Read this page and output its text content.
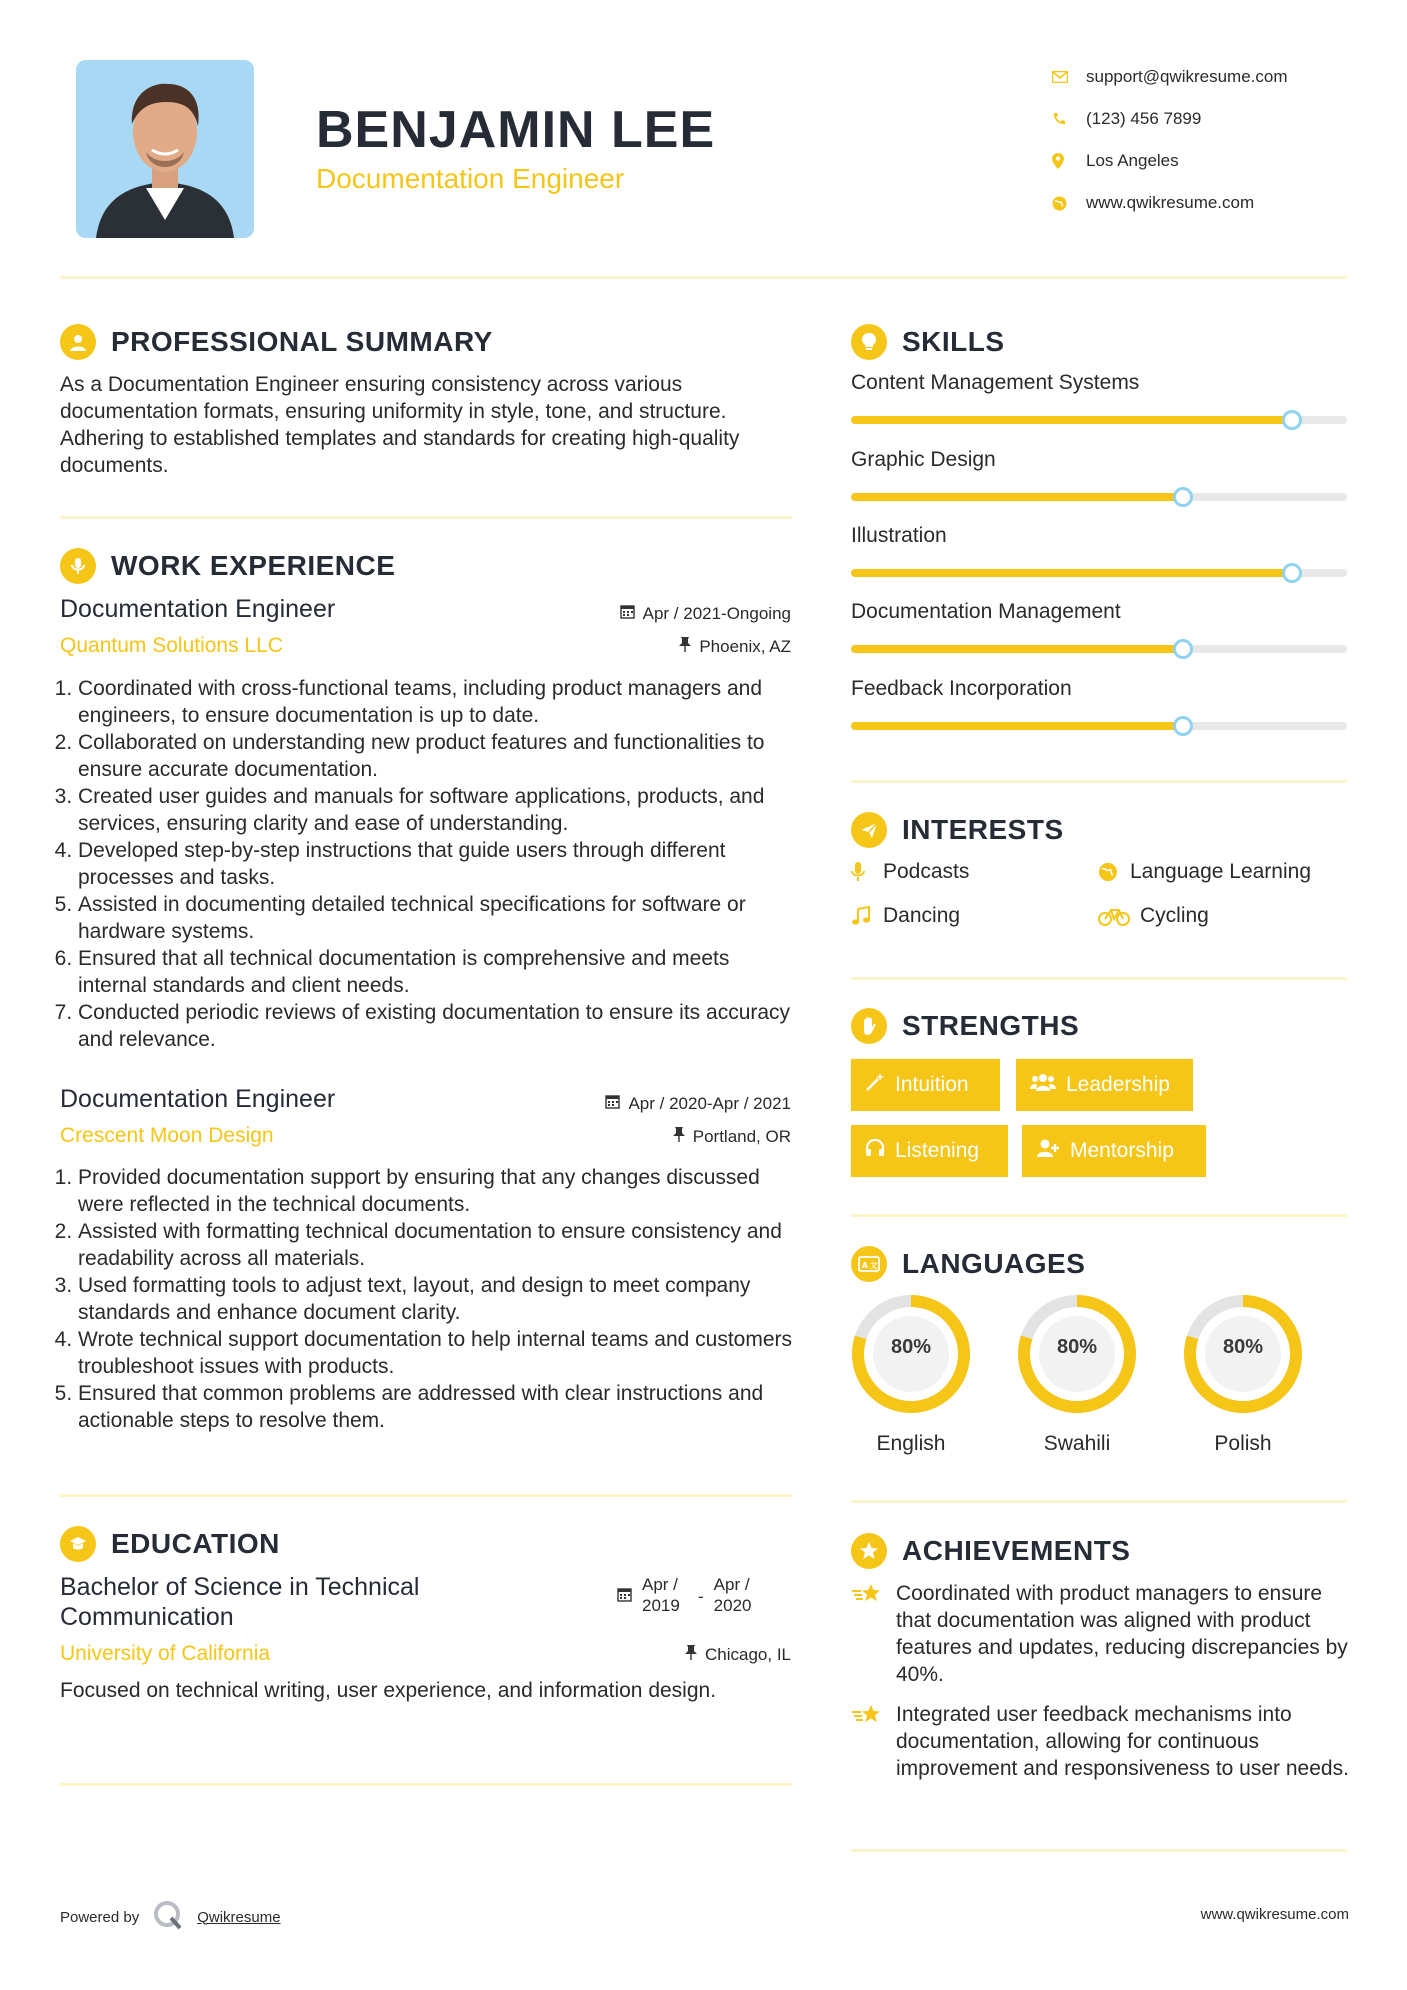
BENJAMIN LEE
Documentation Engineer
support@qwikresume.com
(123) 456 7899
Los Angeles
www.qwikresume.com
PROFESSIONAL SUMMARY
As a Documentation Engineer ensuring consistency across various documentation formats, ensuring uniformity in style, tone, and structure. Adhering to established templates and standards for creating high-quality documents.
WORK EXPERIENCE
Documentation Engineer	Apr / 2021-Ongoing
Quantum Solutions LLC	Phoenix, AZ
1. Coordinated with cross-functional teams, including product managers and engineers, to ensure documentation is up to date.
2. Collaborated on understanding new product features and functionalities to ensure accurate documentation.
3. Created user guides and manuals for software applications, products, and services, ensuring clarity and ease of understanding.
4. Developed step-by-step instructions that guide users through different processes and tasks.
5. Assisted in documenting detailed technical specifications for software or hardware systems.
6. Ensured that all technical documentation is comprehensive and meets internal standards and client needs.
7. Conducted periodic reviews of existing documentation to ensure its accuracy and relevance.
Documentation Engineer	Apr / 2020-Apr / 2021
Crescent Moon Design	Portland, OR
1. Provided documentation support by ensuring that any changes discussed were reflected in the technical documents.
2. Assisted with formatting technical documentation to ensure consistency and readability across all materials.
3. Used formatting tools to adjust text, layout, and design to meet company standards and enhance document clarity.
4. Wrote technical support documentation to help internal teams and customers troubleshoot issues with products.
5. Ensured that common problems are addressed with clear instructions and actionable steps to resolve them.
EDUCATION
Bachelor of Science in Technical Communication
Apr / 2019	-
Apr / 2020
University of California	Chicago, IL
Focused on technical writing, user experience, and information design.
SKILLS
Content Management Systems
Graphic Design
Illustration
Documentation Management
Feedback Incorporation
INTERESTS
Podcasts	Language Learning
Dancing	Cycling
STRENGTHS
Intuition	Leadership
Listening	Mentorship
A 文 LANGUAGES
80%
English
80%
Swahili
80%
Polish
ACHIEVEMENTS
Coordinated with product managers to ensure that documentation was aligned with product features and updates, reducing discrepancies by 40%.
Integrated user feedback mechanisms into documentation, allowing for continuous improvement and responsiveness to user needs.
Powered by	Qwikresume	www.qwikresume.com
